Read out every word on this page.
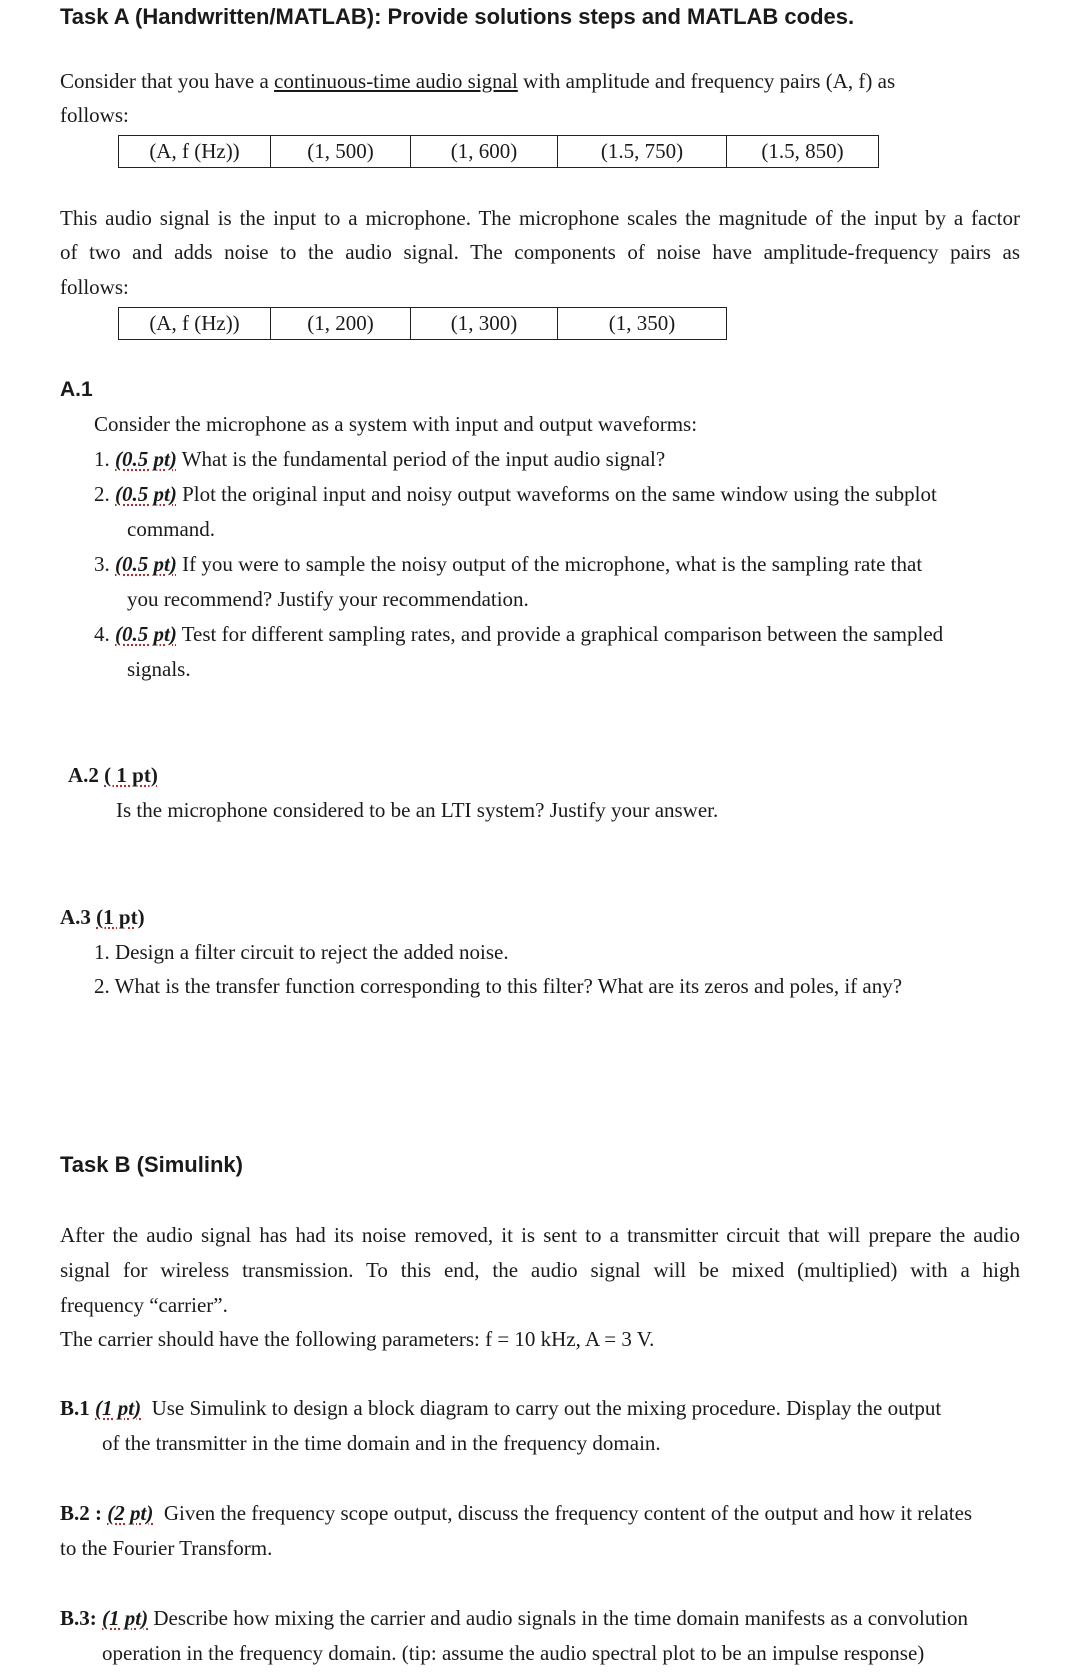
Task A (Handwritten/MATLAB): Provide solutions steps and MATLAB codes.
Consider that you have a continuous-time audio signal with amplitude and frequency pairs (A, f) as
follows:
(A, f (Hz))	(1, 500)	(1, 600)	(1.5, 750)	(1.5, 850)
This audio signal is the input to a microphone. The microphone scales the magnitude of the input by a factor
of two and adds noise to the audio signal. The components of noise have amplitude-frequency pairs as
follows:
(A, f (Hz))	(1, 200)	(1, 300)	(1, 350)
A.1
Consider the microphone as a system with input and output waveforms:
1. (0.5 pt) What is the fundamental period of the input audio signal?
2. (0.5 pt) Plot the original input and noisy output waveforms on the same window using the subplot
command.
3. (0.5 pt) If you were to sample the noisy output of the microphone, what is the sampling rate that
you recommend? Justify your recommendation.
4. (0.5 pt) Test for different sampling rates, and provide a graphical comparison between the sampled
signals.
A.2 ( 1 pt)
Is the microphone considered to be an LTI system? Justify your answer.
A.3 (1 pt)
1. Design a filter circuit to reject the added noise.
2. What is the transfer function corresponding to this filter? What are its zeros and poles, if any?
Task B (Simulink)
After the audio signal has had its noise removed, it is sent to a transmitter circuit that will prepare the audio
signal for wireless transmission. To this end, the audio signal will be mixed (multiplied) with a high
frequency “carrier”.
The carrier should have the following parameters: f = 10 kHz, A = 3 V.
B.1 (1 pt)  Use Simulink to design a block diagram to carry out the mixing procedure. Display the output
of the transmitter in the time domain and in the frequency domain.
B.2 : (2 pt)  Given the frequency scope output, discuss the frequency content of the output and how it relates
to the Fourier Transform.
B.3: (1 pt) Describe how mixing the carrier and audio signals in the time domain manifests as a convolution
operation in the frequency domain. (tip: assume the audio spectral plot to be an impulse response)
